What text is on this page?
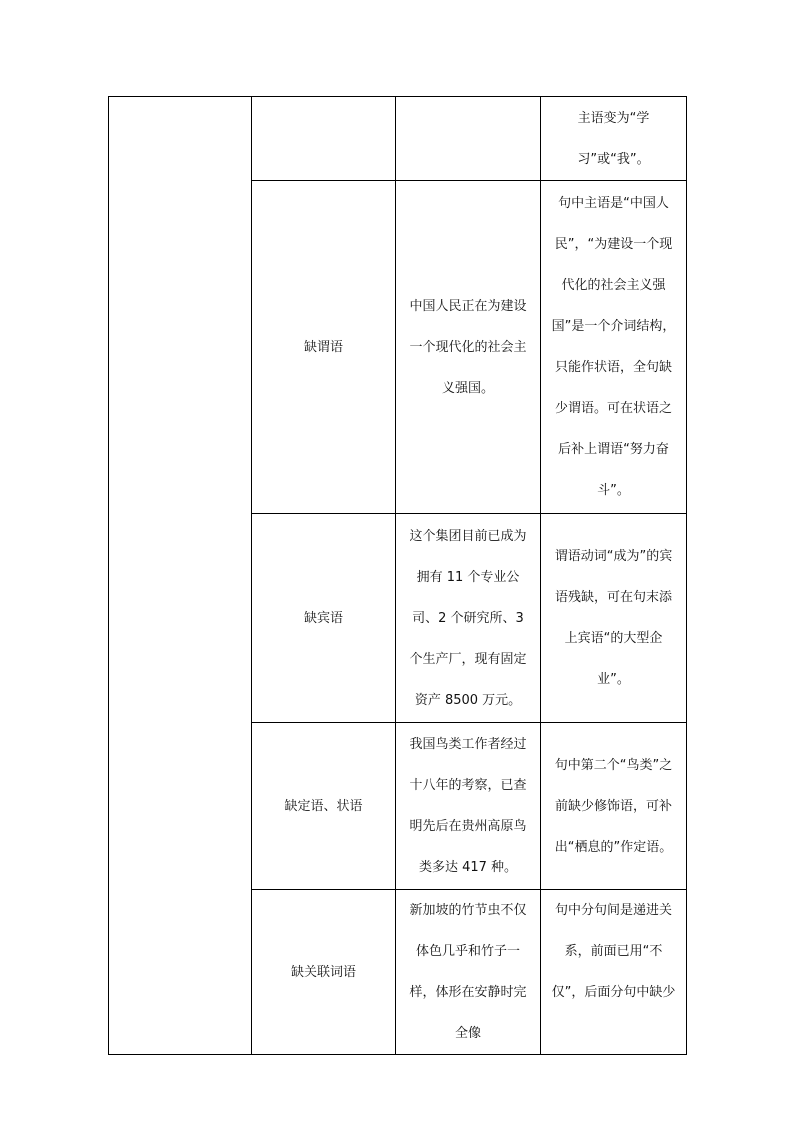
			主语变为“学习”或“我”。
	缺谓语	中国人民正在为建设一个现代化的社会主义强国。	句中主语是“中国人民”，“为建设一个现代化的社会主义强国”是一个介词结构，只能作状语，全句缺少谓语。可在状语之后补上谓语“努力奋斗”。
	缺宾语	这个集团目前已成为拥有 11 个专业公司、2 个研究所、3 个生产厂，现有固定资产 8500 万元。	谓语动词“成为”的宾语残缺，可在句末添上宾语“的大型企业”。
	缺定语、状语	我国鸟类工作者经过十八年的考察，已查明先后在贵州高原鸟类多达 417 种。	句中第二个“鸟类”之前缺少修饰语，可补出“栖息的”作定语。
	缺关联词语	新加坡的竹节虫不仅体色几乎和竹子一样，体形在安静时完全像	句中分句间是递进关系，前面已用“不仅”，后面分句中缺少
